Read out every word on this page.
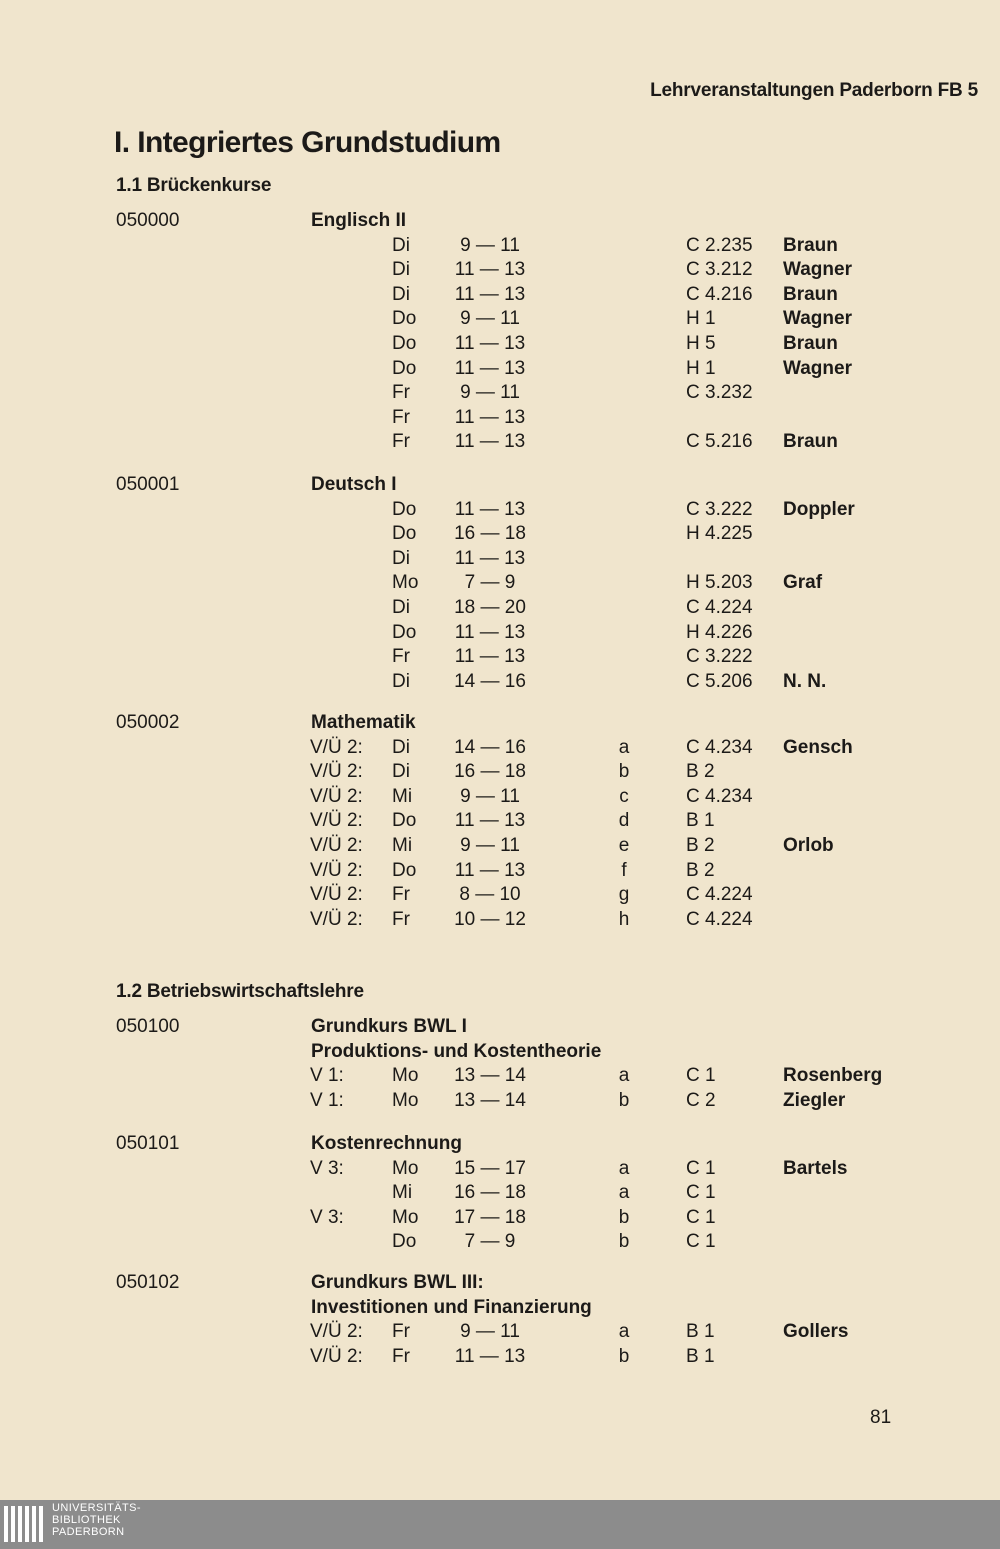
Lehrveranstaltungen Paderborn FB 5
I. Integriertes Grundstudium
1.1 Brückenkurse
050000	Englisch II
Di	9 — 11	C 2.235 Braun
Di	11 — 13	C 3.212 Wagner
Di	11 — 13	C 4.216 Braun
Do	9 — 11	H 1	Wagner
Do	11 — 13	H 5	Braun
Do	11 — 13	H 1	Wagner
Fr	9 — 11	C 3.232
Fr	11 — 13
Fr	11 — 13	C 5.216 Braun
050001	Deutsch I
Do	11 — 13	C 3.222 Doppler
Do	16 — 18	H 4.225
Di	11 — 13
Mo	7 — 9	H 5.203 Graf
Di	18 — 20	C 4.224
Do	11 — 13	H 4.226
Fr	11 — 13	C 3.222
Di	14 — 16	C 5.206 N. N.
050002	Mathematik
V/Ü 2: Di	14 — 16	a	C 4.234 Gensch
V/Ü 2: Di	16 — 18	b	B 2
V/Ü 2: Mi	9 — 11	c	C 4.234
V/Ü 2: Do	11 — 13	d	B 1
V/Ü 2: Mi	9 — 11	e	B 2	Orlob
V/Ü 2: Do	11 — 13	f	B 2
V/Ü 2: Fr	8 — 10	g	C 4.224
V/Ü 2: Fr	10 — 12	h	C 4.224
1.2 Betriebswirtschaftslehre
050100	Grundkurs BWL I
Produktions- und Kostentheorie
V 1:	Mo	13 — 14	a	C 1	Rosenberg
V 1:	Mo	13 — 14	b	C 2	Ziegler
050101	Kostenrechnung
V 3:	Mo	15 — 17	a	C 1	Bartels
Mi	16 — 18	a	C 1
V 3:	Mo	17 — 18	b	C 1
Do	7 — 9	b	C 1
050102	Grundkurs BWL III:
Investitionen und Finanzierung
V/Ü 2: Fr	9 — 11	a	B 1	Gollers
V/Ü 2: Fr	11 — 13	b	B 1
81
UNIVERSITÄTS-
BIBLIOTHEK
PADERBORN
